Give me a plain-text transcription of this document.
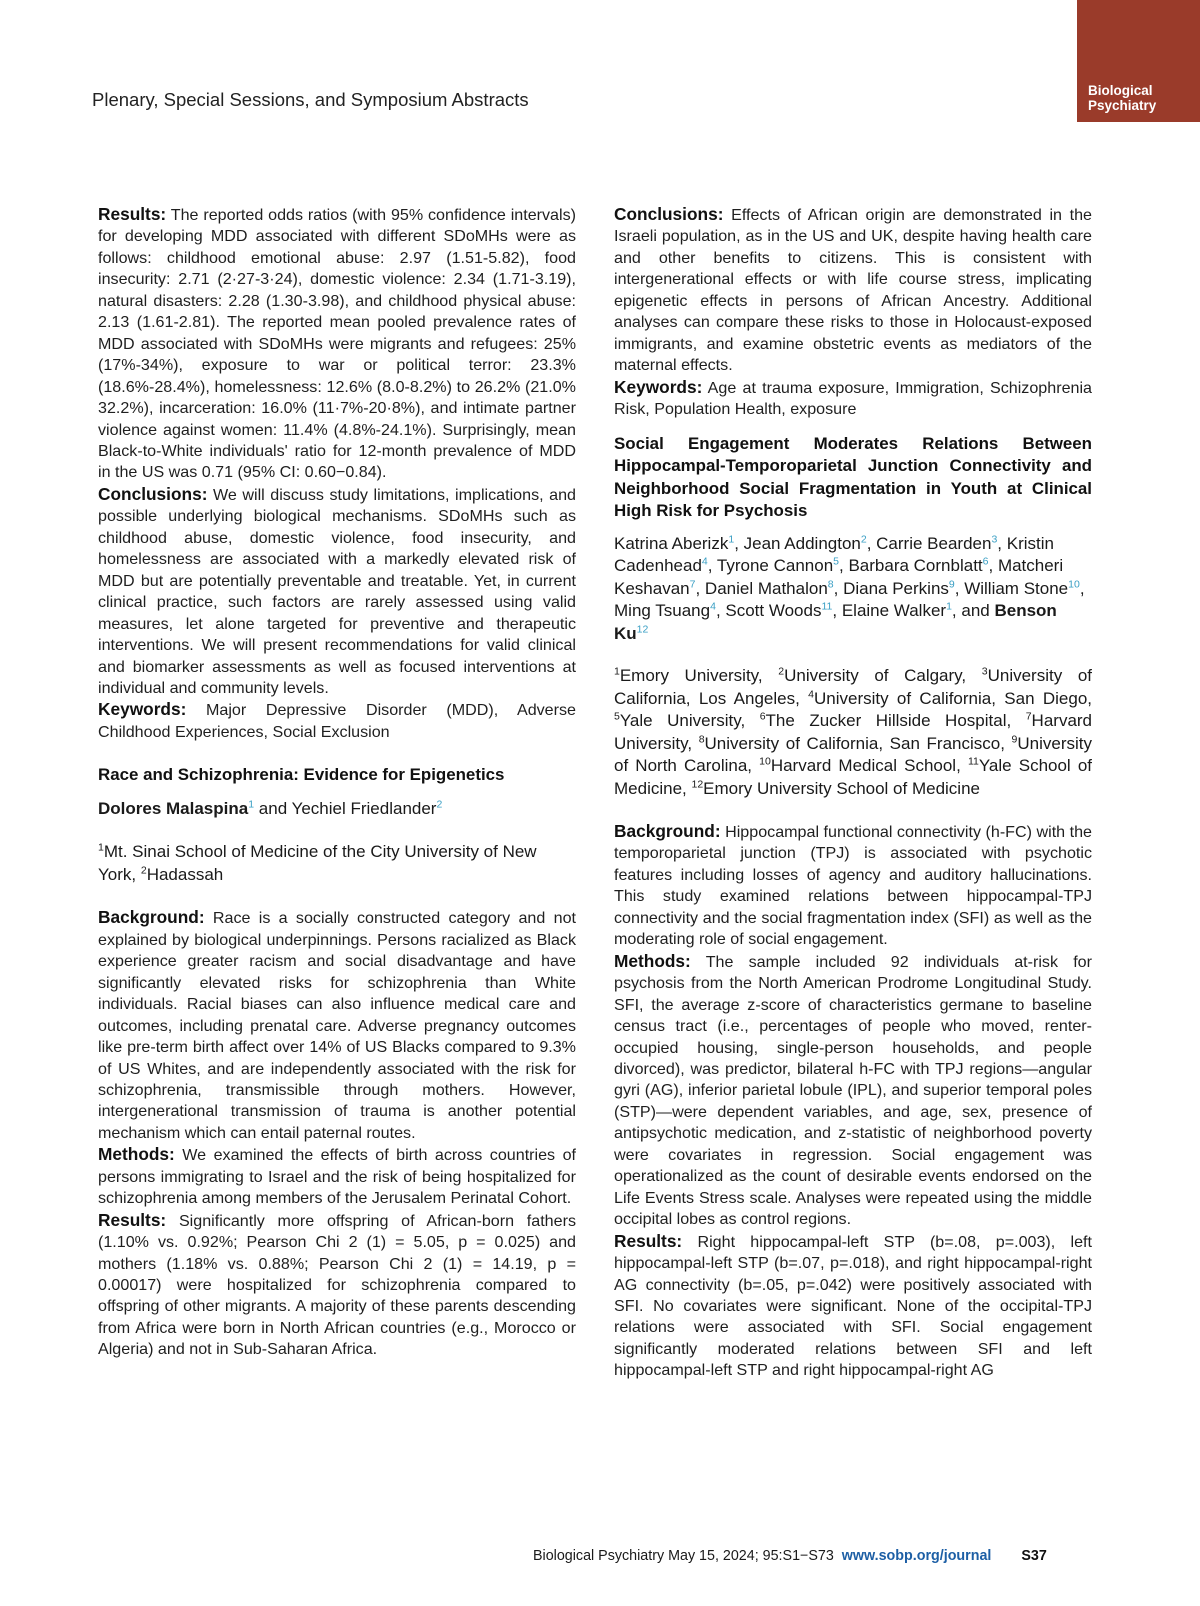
Plenary, Special Sessions, and Symposium Abstracts	Biological
Psychiatry

Results: The reported odds ratios (with 95% confidence intervals) for developing MDD associated with different SDoMHs were as follows: childhood emotional abuse: 2.97 (1.51-5.82), food insecurity: 2.71 (2·27-3·24), domestic violence: 2.34 (1.71-3.19), natural disasters: 2.28 (1.30-3.98), and childhood physical abuse: 2.13 (1.61-2.81). The reported mean pooled prevalence rates of MDD associated with SDoMHs were migrants and refugees: 25% (17%-34%), exposure to war or political terror: 23.3% (18.6%-28.4%), homelessness: 12.6% (8.0-8.2%) to 26.2% (21.0% 32.2%), incarceration: 16.0% (11·7%-20·8%), and intimate partner violence against women: 11.4% (4.8%-24.1%). Surprisingly, mean Black-to-White individuals' ratio for 12-month prevalence of MDD in the US was 0.71 (95% CI: 0.60−0.84).

Conclusions: We will discuss study limitations, implications, and possible underlying biological mechanisms. SDoMHs such as childhood abuse, domestic violence, food insecurity, and homelessness are associated with a markedly elevated risk of MDD but are potentially preventable and treatable. Yet, in current clinical practice, such factors are rarely assessed using valid measures, let alone targeted for preventive and therapeutic interventions. We will present recommendations for valid clinical and biomarker assessments as well as focused interventions at individual and community levels.

Keywords: Major Depressive Disorder (MDD), Adverse Childhood Experiences, Social Exclusion

Race and Schizophrenia: Evidence for Epigenetics

Dolores Malaspina$^1$ and Yechiel Friedlander$^2$

$^1$Mt. Sinai School of Medicine of the City University of New York, $^2$Hadassah

Background: Race is a socially constructed category and not explained by biological underpinnings. Persons racialized as Black experience greater racism and social disadvantage and have significantly elevated risks for schizophrenia than White individuals. Racial biases can also influence medical care and outcomes, including prenatal care. Adverse pregnancy outcomes like pre-term birth affect over 14% of US Blacks compared to 9.3% of US Whites, and are independently associated with the risk for schizophrenia, transmissible through mothers. However, intergenerational transmission of trauma is another potential mechanism which can entail paternal routes.

Methods: We examined the effects of birth across countries of persons immigrating to Israel and the risk of being hospitalized for schizophrenia among members of the Jerusalem Perinatal Cohort.

Results: Significantly more offspring of African-born fathers (1.10% vs. 0.92%; Pearson Chi 2 (1) = 5.05, p = 0.025) and mothers (1.18% vs. 0.88%; Pearson Chi 2 (1) = 14.19, p = 0.00017) were hospitalized for schizophrenia compared to offspring of other migrants. A majority of these parents descending from Africa were born in North African countries (e.g., Morocco or Algeria) and not in Sub-Saharan Africa.

Conclusions: Effects of African origin are demonstrated in the Israeli population, as in the US and UK, despite having health care and other benefits to citizens. This is consistent with intergenerational effects or with life course stress, implicating epigenetic effects in persons of African Ancestry. Additional analyses can compare these risks to those in Holocaust-exposed immigrants, and examine obstetric events as mediators of the maternal effects.

Keywords: Age at trauma exposure, Immigration, Schizophrenia Risk, Population Health, exposure

Social Engagement Moderates Relations Between Hippocampal-Temporoparietal Junction Connectivity and Neighborhood Social Fragmentation in Youth at Clinical High Risk for Psychosis

Katrina Aberizk$^1$, Jean Addington$^2$, Carrie Bearden$^3$, Kristin Cadenhead$^4$, Tyrone Cannon$^5$, Barbara Cornblatt$^6$, Matcheri Keshavan$^7$, Daniel Mathalon$^8$, Diana Perkins$^9$, William Stone$^{10}$, Ming Tsuang$^4$, Scott Woods$^{11}$, Elaine Walker$^1$, and Benson Ku$^{12}$

$^1$Emory University, $^2$University of Calgary, $^3$University of California, Los Angeles, $^4$University of California, San Diego, $^5$Yale University, $^6$The Zucker Hillside Hospital, $^7$Harvard University, $^8$University of California, San Francisco, $^9$University of North Carolina, $^{10}$Harvard Medical School, $^{11}$Yale School of Medicine, $^{12}$Emory University School of Medicine

Background: Hippocampal functional connectivity (h-FC) with the temporoparietal junction (TPJ) is associated with psychotic features including losses of agency and auditory hallucinations. This study examined relations between hippocampal-TPJ connectivity and the social fragmentation index (SFI) as well as the moderating role of social engagement.

Methods: The sample included 92 individuals at-risk for psychosis from the North American Prodrome Longitudinal Study. SFI, the average z-score of characteristics germane to baseline census tract (i.e., percentages of people who moved, renter-occupied housing, single-person households, and people divorced), was predictor, bilateral h-FC with TPJ regions—angular gyri (AG), inferior parietal lobule (IPL), and superior temporal poles (STP)—were dependent variables, and age, sex, presence of antipsychotic medication, and z-statistic of neighborhood poverty were covariates in regression. Social engagement was operationalized as the count of desirable events endorsed on the Life Events Stress scale. Analyses were repeated using the middle occipital lobes as control regions.

Results: Right hippocampal-left STP (b=.08, p=.003), left hippocampal-left STP (b=.07, p=.018), and right hippocampal-right AG connectivity (b=.05, p=.042) were positively associated with SFI. No covariates were significant. None of the occipital-TPJ relations were associated with SFI. Social engagement significantly moderated relations between SFI and left hippocampal-left STP and right hippocampal-right AG

Biological Psychiatry May 15, 2024; 95:S1−S73 www.sobp.org/journal S37
